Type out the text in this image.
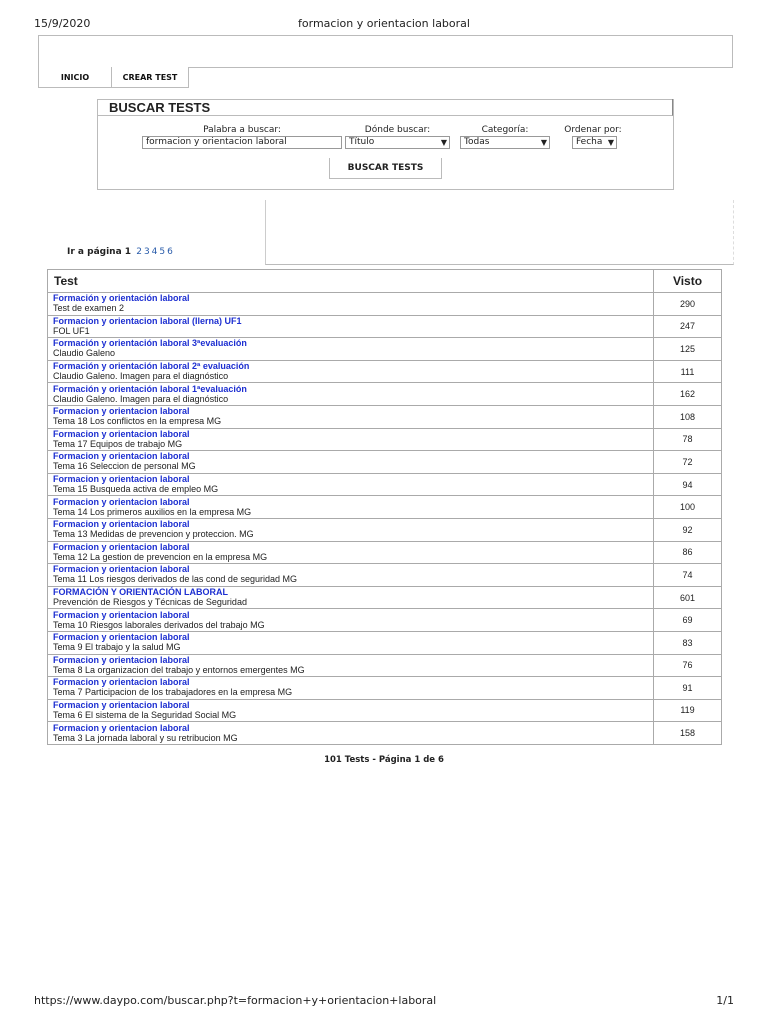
15/9/2020	formacion y orientacion laboral
INICIO	CREAR TEST
BUSCAR TESTS
Palabra a buscar:
formacion y orientacion laboral
Dónde buscar:
Título	▼
Categoría:
Todas	▼
Ordenar por:
Fecha ▼
BUSCAR TESTS
Ir a página 1 2 3 4 5 6
Test	Visto

Formación y orientación laboral
Test de examen 2	290

Formacion y orientacion laboral (Ilerna) UF1
FOL UF1	247

Formación y orientación laboral 3ªevaluación
Claudio Galeno	125

Formación y orientación laboral 2ª evaluación
Claudio Galeno. Imagen para el diagnóstico	111

Formación y orientación laboral 1ªevaluación
Claudio Galeno. Imagen para el diagnóstico	162

Formacion y orientacion laboral
Tema 18 Los conflictos en la empresa MG	108

Formacion y orientacion laboral
Tema 17 Equipos de trabajo MG	78

Formacion y orientacion laboral
Tema 16 Seleccion de personal MG	72

Formacion y orientacion laboral
Tema 15 Busqueda activa de empleo MG	94

Formacion y orientacion laboral
Tema 14 Los primeros auxilios en la empresa MG	100

Formacion y orientacion laboral
Tema 13 Medidas de prevencion y proteccion. MG	92

Formacion y orientacion laboral
Tema 12 La gestion de prevencion en la empresa MG	86

Formacion y orientacion laboral
Tema 11 Los riesgos derivados de las cond de seguridad MG	74

FORMACIÓN Y ORIENTACIÓN LABORAL
Prevención de Riesgos y Técnicas de Seguridad	601

Formacion y orientacion laboral
Tema 10 Riesgos laborales derivados del trabajo MG	69

Formacion y orientacion laboral
Tema 9 El trabajo y la salud MG	83

Formacion y orientacion laboral
Tema 8 La organizacion del trabajo y entornos emergentes MG	76

Formacion y orientacion laboral
Tema 7 Participacion de los trabajadores en la empresa MG	91

Formacion y orientacion laboral
Tema 6 El sistema de la Seguridad Social MG	119

Formacion y orientacion laboral
Tema 3 La jornada laboral y su retribucion MG	158
101 Tests - Página 1 de 6
https://www.daypo.com/buscar.php?t=formacion+y+orientacion+laboral	1/1
